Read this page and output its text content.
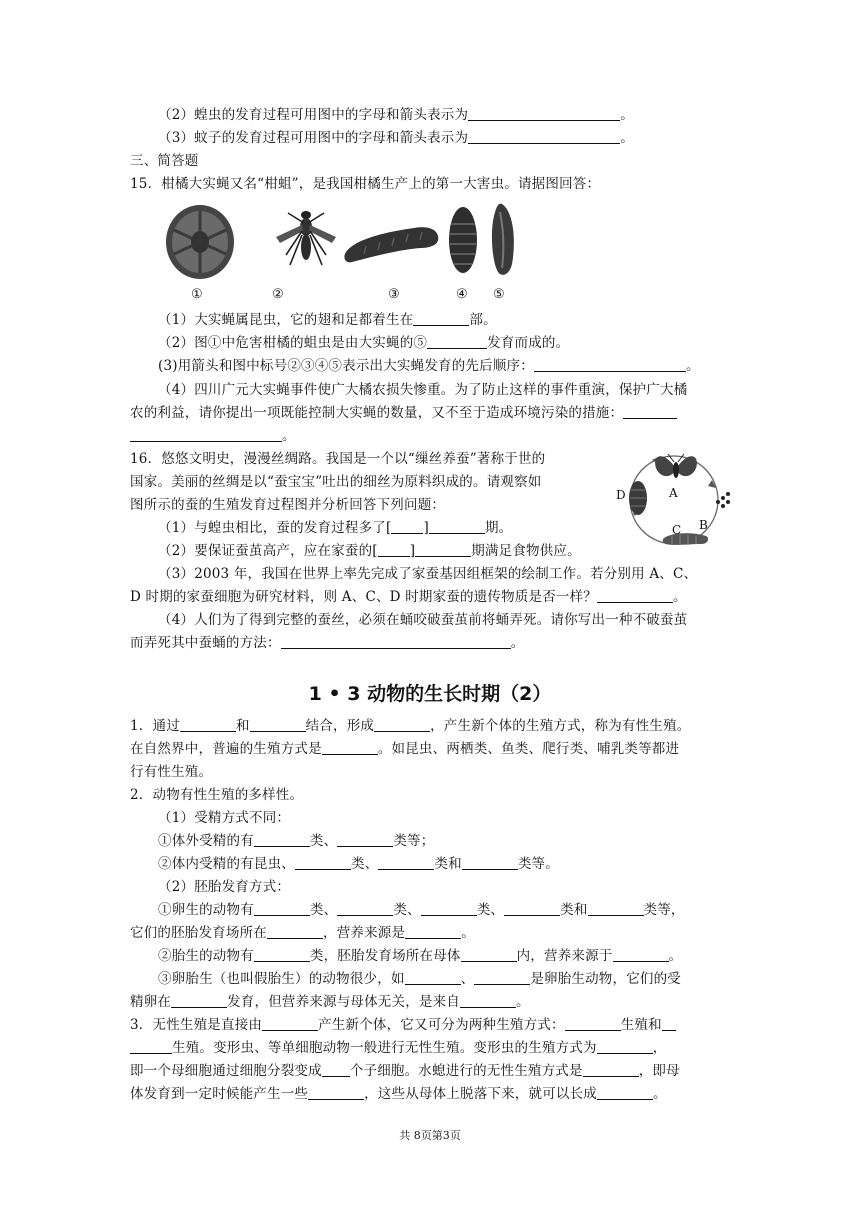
（2）蝗虫的发育过程可用图中的字母和箭头表示为	。
（3）蚊子的发育过程可用图中的字母和箭头表示为	。
三、简答题
15．柑橘大实蝇又名“柑蛆”，是我国柑橘生产上的第一大害虫。请据图回答：
①	②	③	④ ⑤
（1）大实蝇属昆虫，它的翅和足都着生在	部。
（2）图①中危害柑橘的蛆虫是由大实蝇的⑤	发育而成的。
(3)用箭头和图中标号②③④⑤表示出大实蝇发育的先后顺序：	。
（4）四川广元大实蝇事件使广大橘农损失惨重。为了防止这样的事件重演，保护广大橘
农的利益，请你提出一项既能控制大实蝇的数量，又不至于造成环境污染的措施：
。
16．悠悠文明史，漫漫丝绸路。我国是一个以“缫丝养蚕”著称于世的
国家。美丽的丝绸是以“蚕宝宝”吐出的细丝为原料织成的。请观察如
图所示的蚕的生殖发育过程图并分析回答下列问题：
A
B
C
D
（1）与蝗虫相比，蚕的发育过程多了[ ]	期。
（2）要保证蚕茧高产，应在家蚕的[ ]	期满足食物供应。
（3）2003 年，我国在世界上率先完成了家蚕基因组框架的绘制工作。若分别用 A、C、
D 时期的家蚕细胞为研究材料，则 A、C、D 时期家蚕的遗传物质是否一样？	。
（4）人们为了得到完整的蚕丝，必须在蛹咬破蚕茧前将蛹弄死。请你写出一种不破蚕茧
而弄死其中蚕蛹的方法：	。
1 • 3 动物的生长时期（2）
1．通过	和	结合，形成	，产生新个体的生殖方式，称为有性生殖。
在自然界中，普遍的生殖方式是	。如昆虫、两栖类、鱼类、爬行类、哺乳类等都进
行有性生殖。
2．动物有性生殖的多样性。
（1）受精方式不同：
①体外受精的有	类、	类等；
②体内受精的有昆虫、	类、	类和	类等。
（2）胚胎发育方式：
①卵生的动物有	类、	类、	类、	类和	类等，
它们的胚胎发育场所在	，营养来源是	。
②胎生的动物有	类，胚胎发育场所在母体	内，营养来源于	。
③卵胎生（也叫假胎生）的动物很少，如	、	是卵胎生动物，它们的受
精卵在	发育，但营养来源与母体无关，是来自	。
3．无性生殖是直接由	产生新个体，它又可分为两种生殖方式：	生殖和
生殖。变形虫、等单细胞动物一般进行无性生殖。变形虫的生殖方式为	，
即一个母细胞通过细胞分裂变成 个子细胞。水螅进行的无性生殖方式是	，即母
体发育到一定时候能产生一些	，这些从母体上脱落下来，就可以长成	。
共 8页第3页
